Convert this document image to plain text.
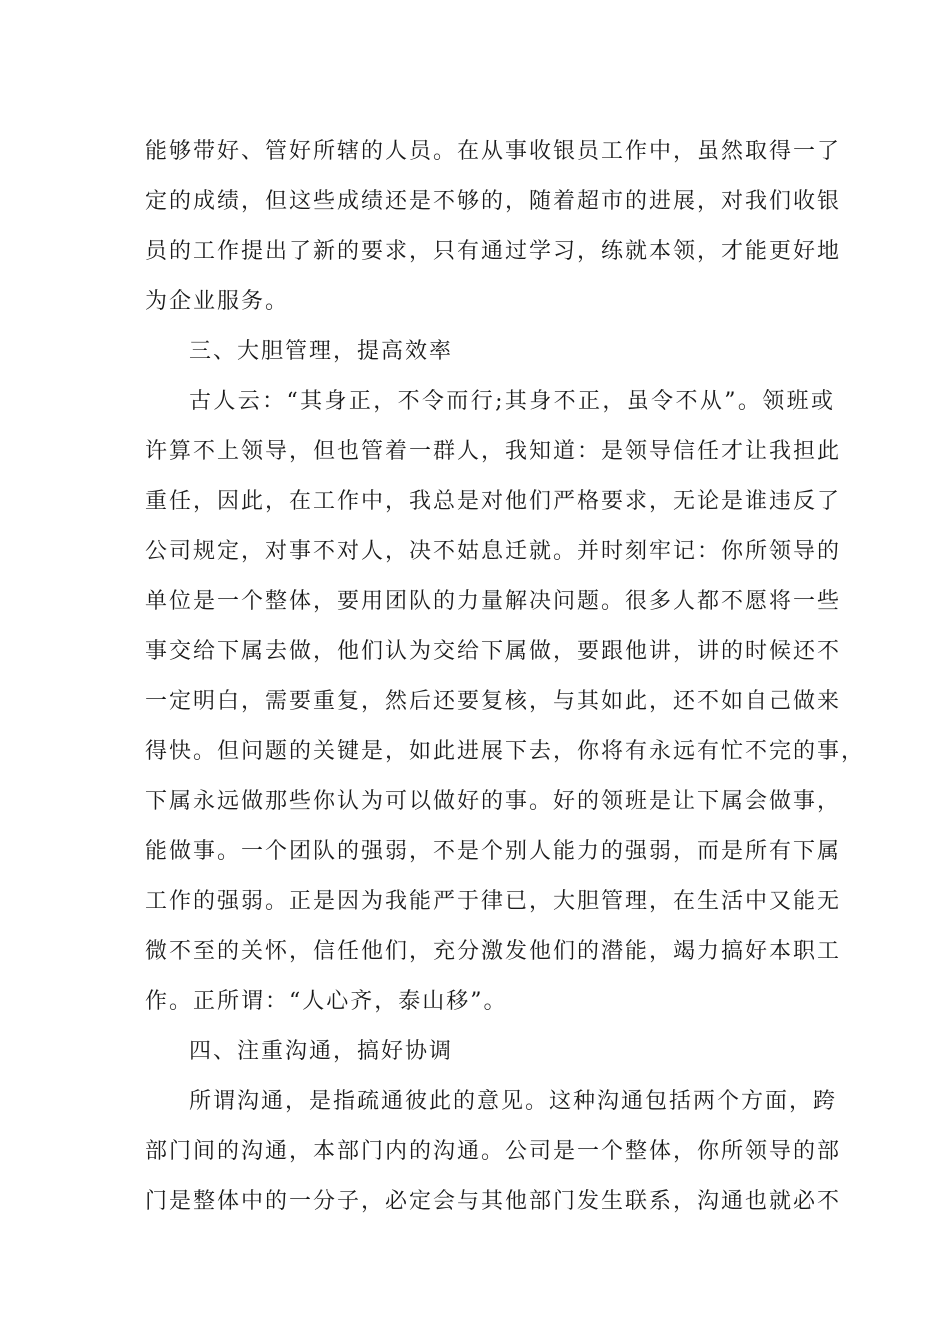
能够带好、管好所辖的人员。在从事收银员工作中，虽然取得一了
定的成绩，但这些成绩还是不够的，随着超市的进展，对我们收银
员的工作提出了新的要求，只有通过学习，练就本领，才能更好地
为企业服务。
三、大胆管理，提高效率
古人云：“其身正，不令而行;其身不正，虽令不从”。领班或
许算不上领导，但也管着一群人，我知道：是领导信任才让我担此
重任，因此，在工作中，我总是对他们严格要求，无论是谁违反了
公司规定，对事不对人，决不姑息迁就。并时刻牢记：你所领导的
单位是一个整体，要用团队的力量解决问题。很多人都不愿将一些
事交给下属去做，他们认为交给下属做，要跟他讲，讲的时候还不
一定明白，需要重复，然后还要复核，与其如此，还不如自己做来
得快。但问题的关键是，如此进展下去，你将有永远有忙不完的事，
下属永远做那些你认为可以做好的事。好的领班是让下属会做事，
能做事。一个团队的强弱，不是个别人能力的强弱，而是所有下属
工作的强弱。正是因为我能严于律已，大胆管理，在生活中又能无
微不至的关怀，信任他们，充分激发他们的潜能，竭力搞好本职工
作。正所谓：“人心齐，泰山移”。
四、注重沟通，搞好协调
所谓沟通，是指疏通彼此的意见。这种沟通包括两个方面，跨
部门间的沟通，本部门内的沟通。公司是一个整体，你所领导的部
门是整体中的一分子，必定会与其他部门发生联系，沟通也就必不
